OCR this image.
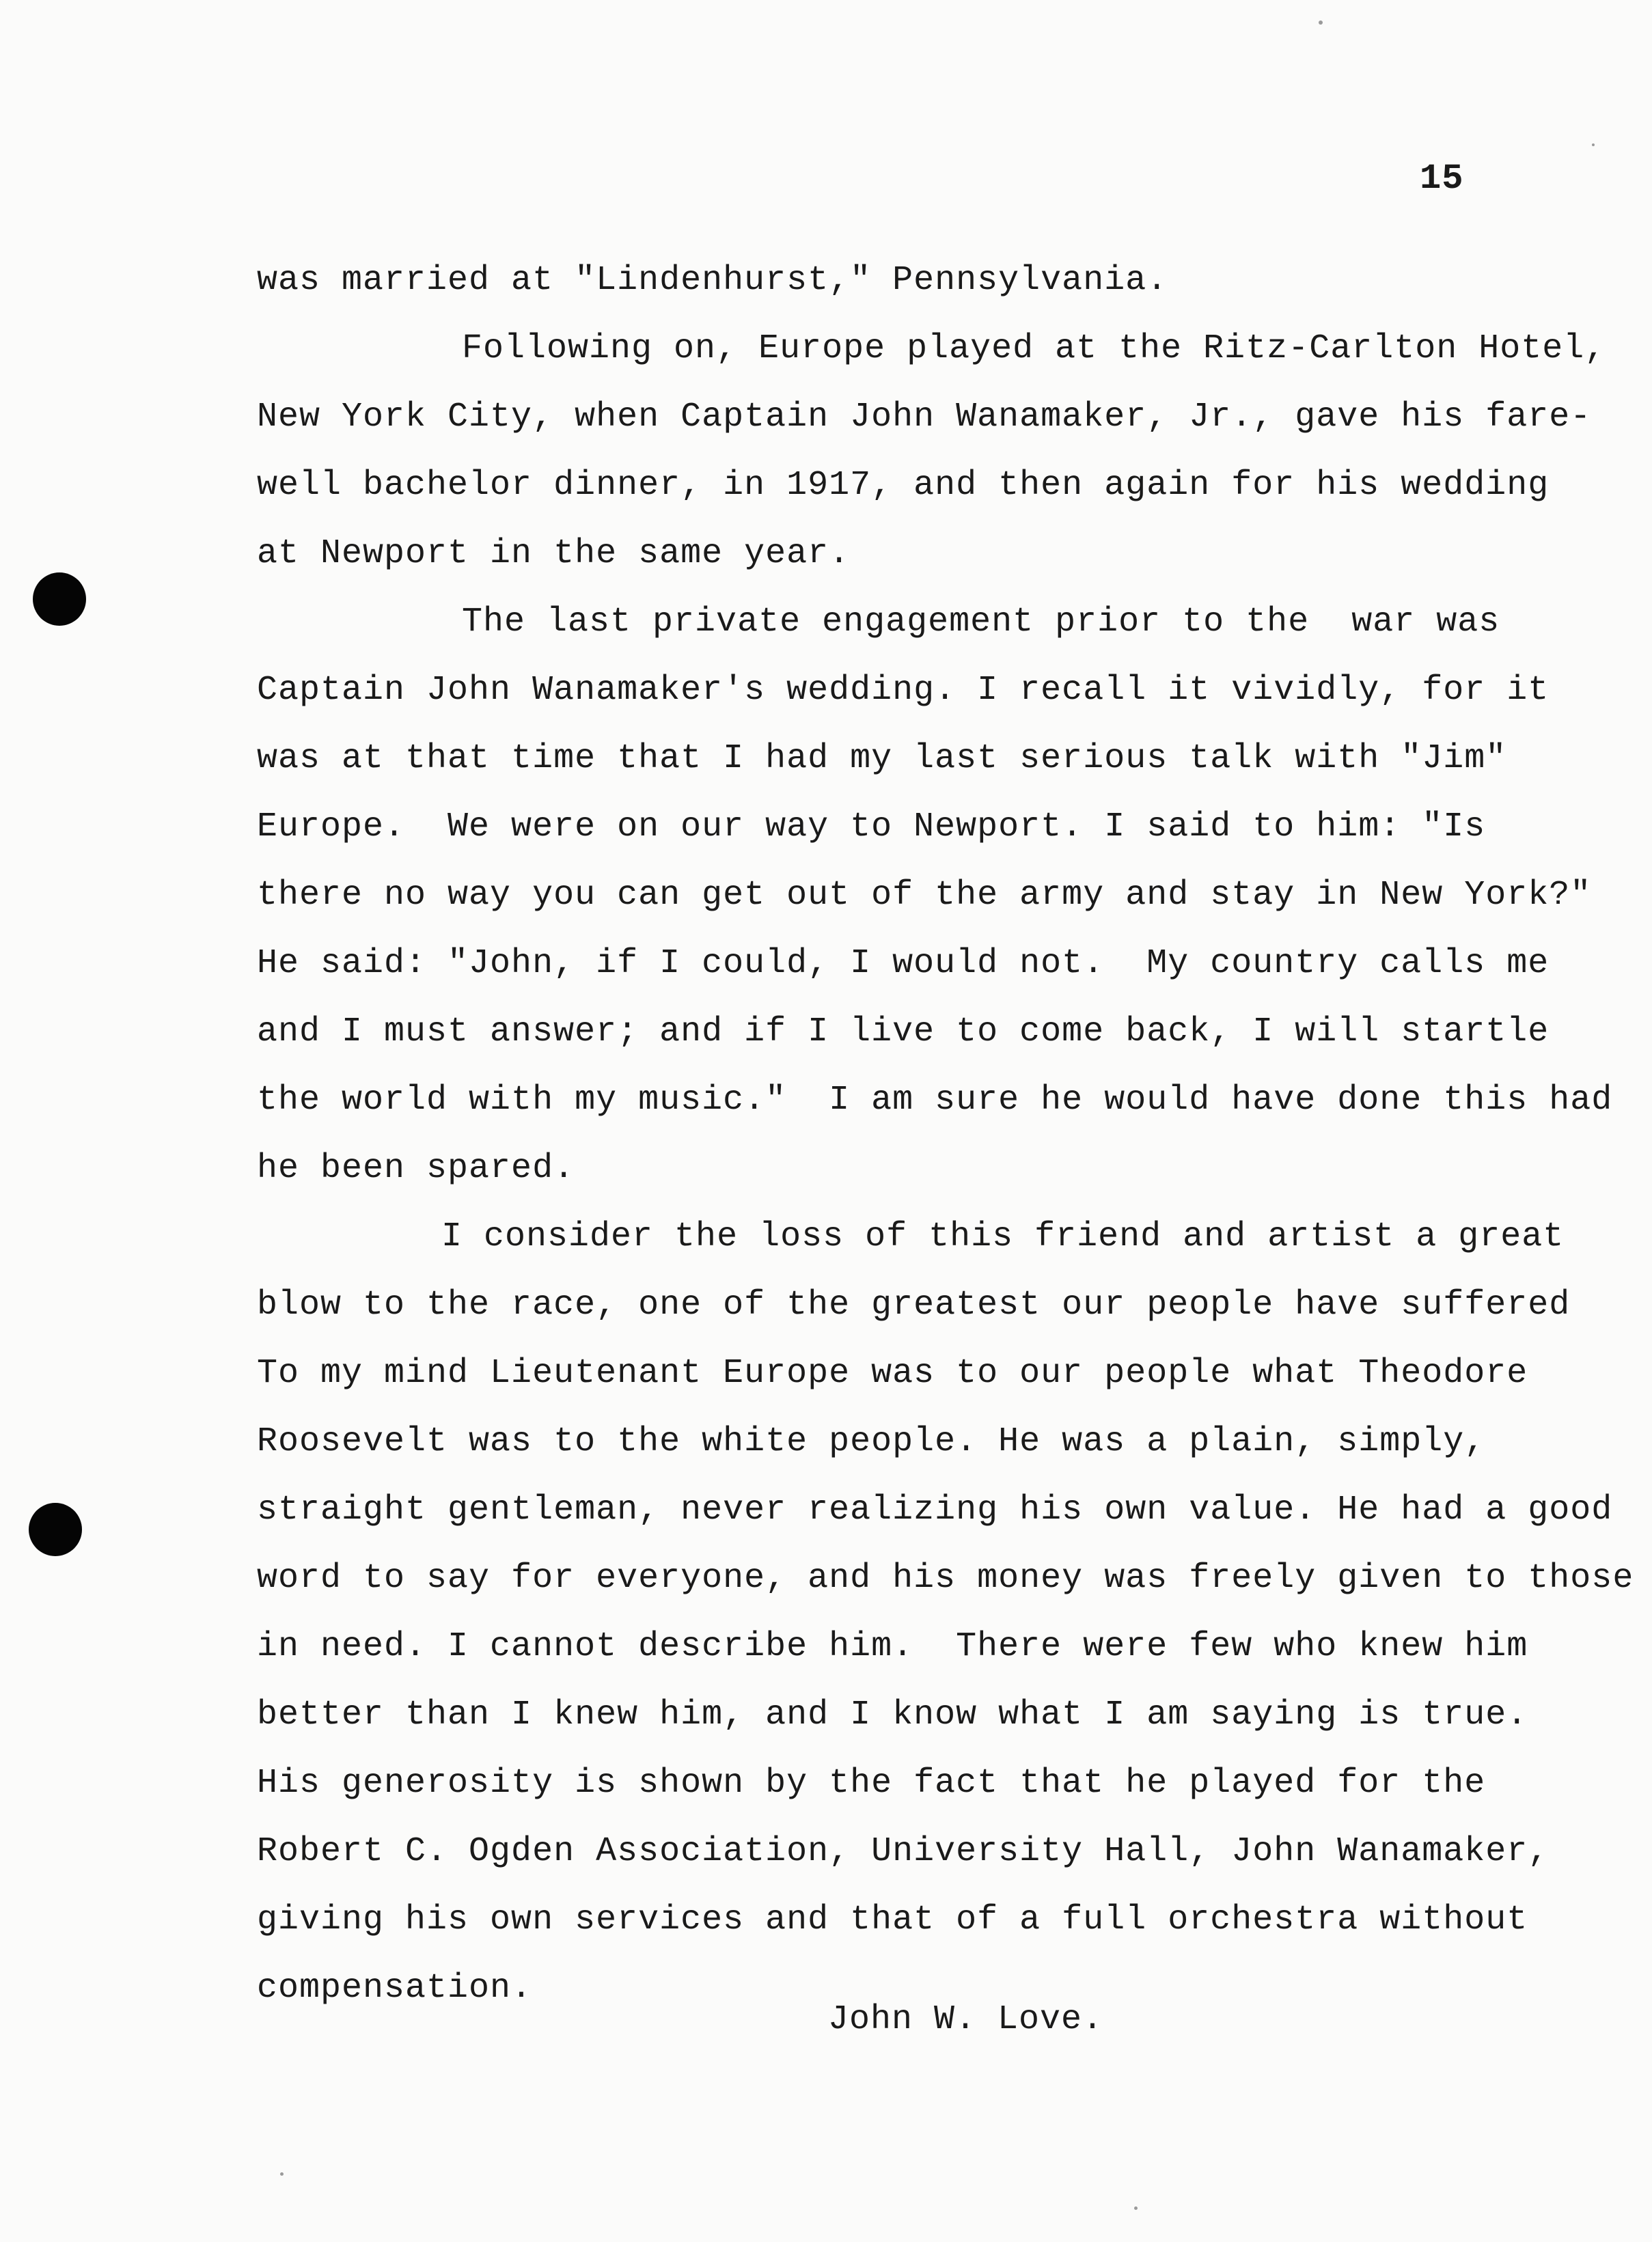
15
was married at "Lindenhurst," Pennsylvania.
Following on, Europe played at the Ritz-Carlton Hotel,
New York City, when Captain John Wanamaker, Jr., gave his fare-
well bachelor dinner, in 1917, and then again for his wedding
at Newport in the same year.
The last private engagement prior to the  war was
Captain John Wanamaker's wedding. I recall it vividly, for it
was at that time that I had my last serious talk with "Jim"
Europe.  We were on our way to Newport. I said to him: "Is
there no way you can get out of the army and stay in New York?"
He said: "John, if I could, I would not.  My country calls me
and I must answer; and if I live to come back, I will startle
the world with my music."  I am sure he would have done this had
he been spared.
I consider the loss of this friend and artist a great
blow to the race, one of the greatest our people have suffered
To my mind Lieutenant Europe was to our people what Theodore
Roosevelt was to the white people. He was a plain, simply,
straight gentleman, never realizing his own value. He had a good
word to say for everyone, and his money was freely given to those
in need. I cannot describe him.  There were few who knew him
better than I knew him, and I know what I am saying is true.
His generosity is shown by the fact that he played for the
Robert C. Ogden Association, University Hall, John Wanamaker,
giving his own services and that of a full orchestra without
compensation.
John W. Love.
